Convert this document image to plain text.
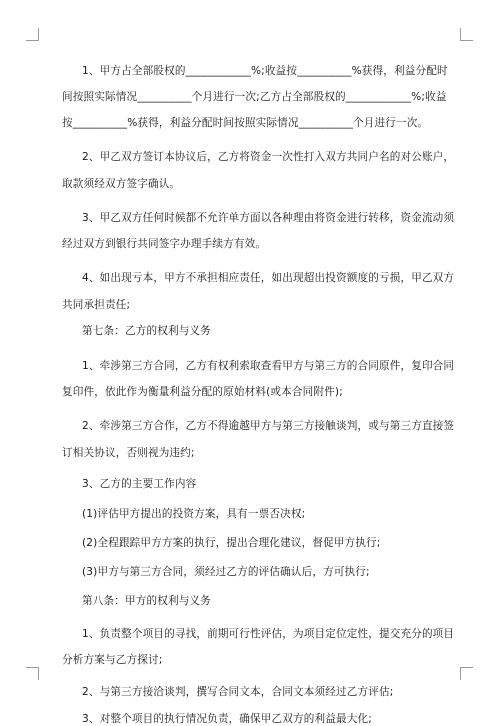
1、甲方占全部股权的____________%;收益按__________%获得，利益分配时
间按照实际情况__________个月进行一次;乙方占全部股权的____________%;收益
按__________%获得，利益分配时间按照实际情况__________个月进行一次。
2、甲乙双方签订本协议后，乙方将资金一次性打入双方共同户名的对公账户，
取款须经双方签字确认。
3、甲乙双方任何时候都不允许单方面以各种理由将资金进行转移，资金流动须
经过双方到银行共同签字办理手续方有效。
4、如出现亏本，甲方不承担相应责任，如出现超出投资额度的亏损，甲乙双方
共同承担责任;
第七条：乙方的权利与义务
1、牵涉第三方合同，乙方有权利索取查看甲方与第三方的合同原件，复印合同
复印件，依此作为衡量利益分配的原始材料(或本合同附件);
2、牵涉第三方合作，乙方不得逾越甲方与第三方接触谈判，或与第三方直接签
订相关协议，否则视为违约;
3、乙方的主要工作内容
(1)评估甲方提出的投资方案，具有一票否决权;
(2)全程跟踪甲方方案的执行，提出合理化建议，督促甲方执行;
(3)甲方与第三方合同，须经过乙方的评估确认后，方可执行;
第八条：甲方的权利与义务
1、负责整个项目的寻找，前期可行性评估，为项目定位定性，提交充分的项目
分析方案与乙方探讨;
2、与第三方接洽谈判，撰写合同文本，合同文本须经过乙方评估;
3、对整个项目的执行情况负责，确保甲乙双方的利益最大化;
